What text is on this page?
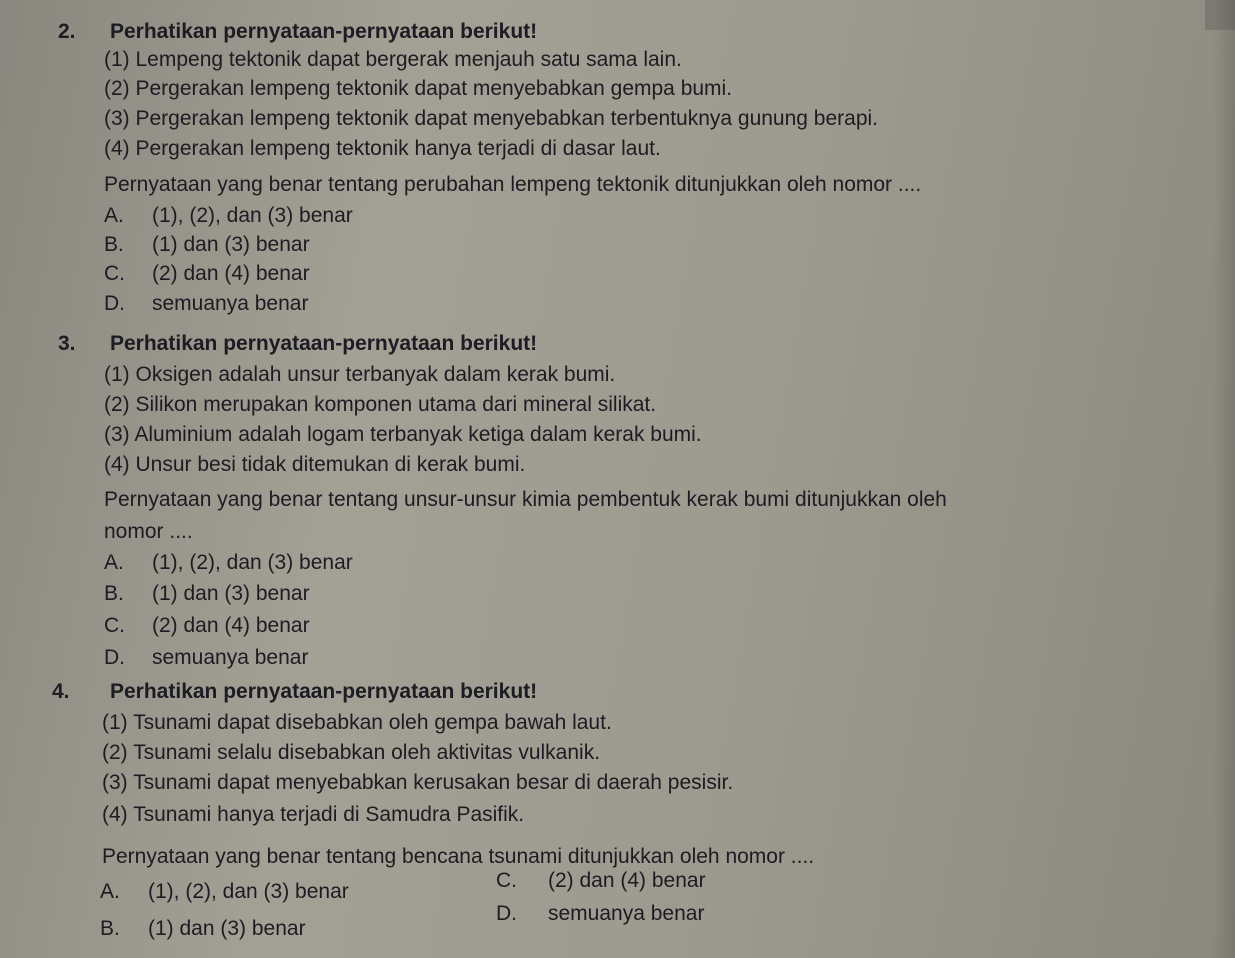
2. Perhatikan pernyataan-pernyataan berikut!
(1) Lempeng tektonik dapat bergerak menjauh satu sama lain.
(2) Pergerakan lempeng tektonik dapat menyebabkan gempa bumi.
(3) Pergerakan lempeng tektonik dapat menyebabkan terbentuknya gunung berapi.
(4) Pergerakan lempeng tektonik hanya terjadi di dasar laut.
Pernyataan yang benar tentang perubahan lempeng tektonik ditunjukkan oleh nomor ....
A. (1), (2), dan (3) benar
B. (1) dan (3) benar
C. (2) dan (4) benar
D. semuanya benar
3. Perhatikan pernyataan-pernyataan berikut!
(1) Oksigen adalah unsur terbanyak dalam kerak bumi.
(2) Silikon merupakan komponen utama dari mineral silikat.
(3) Aluminium adalah logam terbanyak ketiga dalam kerak bumi.
(4) Unsur besi tidak ditemukan di kerak bumi.
Pernyataan yang benar tentang unsur-unsur kimia pembentuk kerak bumi ditunjukkan oleh
nomor ....
A. (1), (2), dan (3) benar
B. (1) dan (3) benar
C. (2) dan (4) benar
D. semuanya benar
4. Perhatikan pernyataan-pernyataan berikut!
(1) Tsunami dapat disebabkan oleh gempa bawah laut.
(2) Tsunami selalu disebabkan oleh aktivitas vulkanik.
(3) Tsunami dapat menyebabkan kerusakan besar di daerah pesisir.
(4) Tsunami hanya terjadi di Samudra Pasifik.
Pernyataan yang benar tentang bencana tsunami ditunjukkan oleh nomor ....
A. (1), (2), dan (3) benar
B. (1) dan (3) benar
C. (2) dan (4) benar
D. semuanya benar
